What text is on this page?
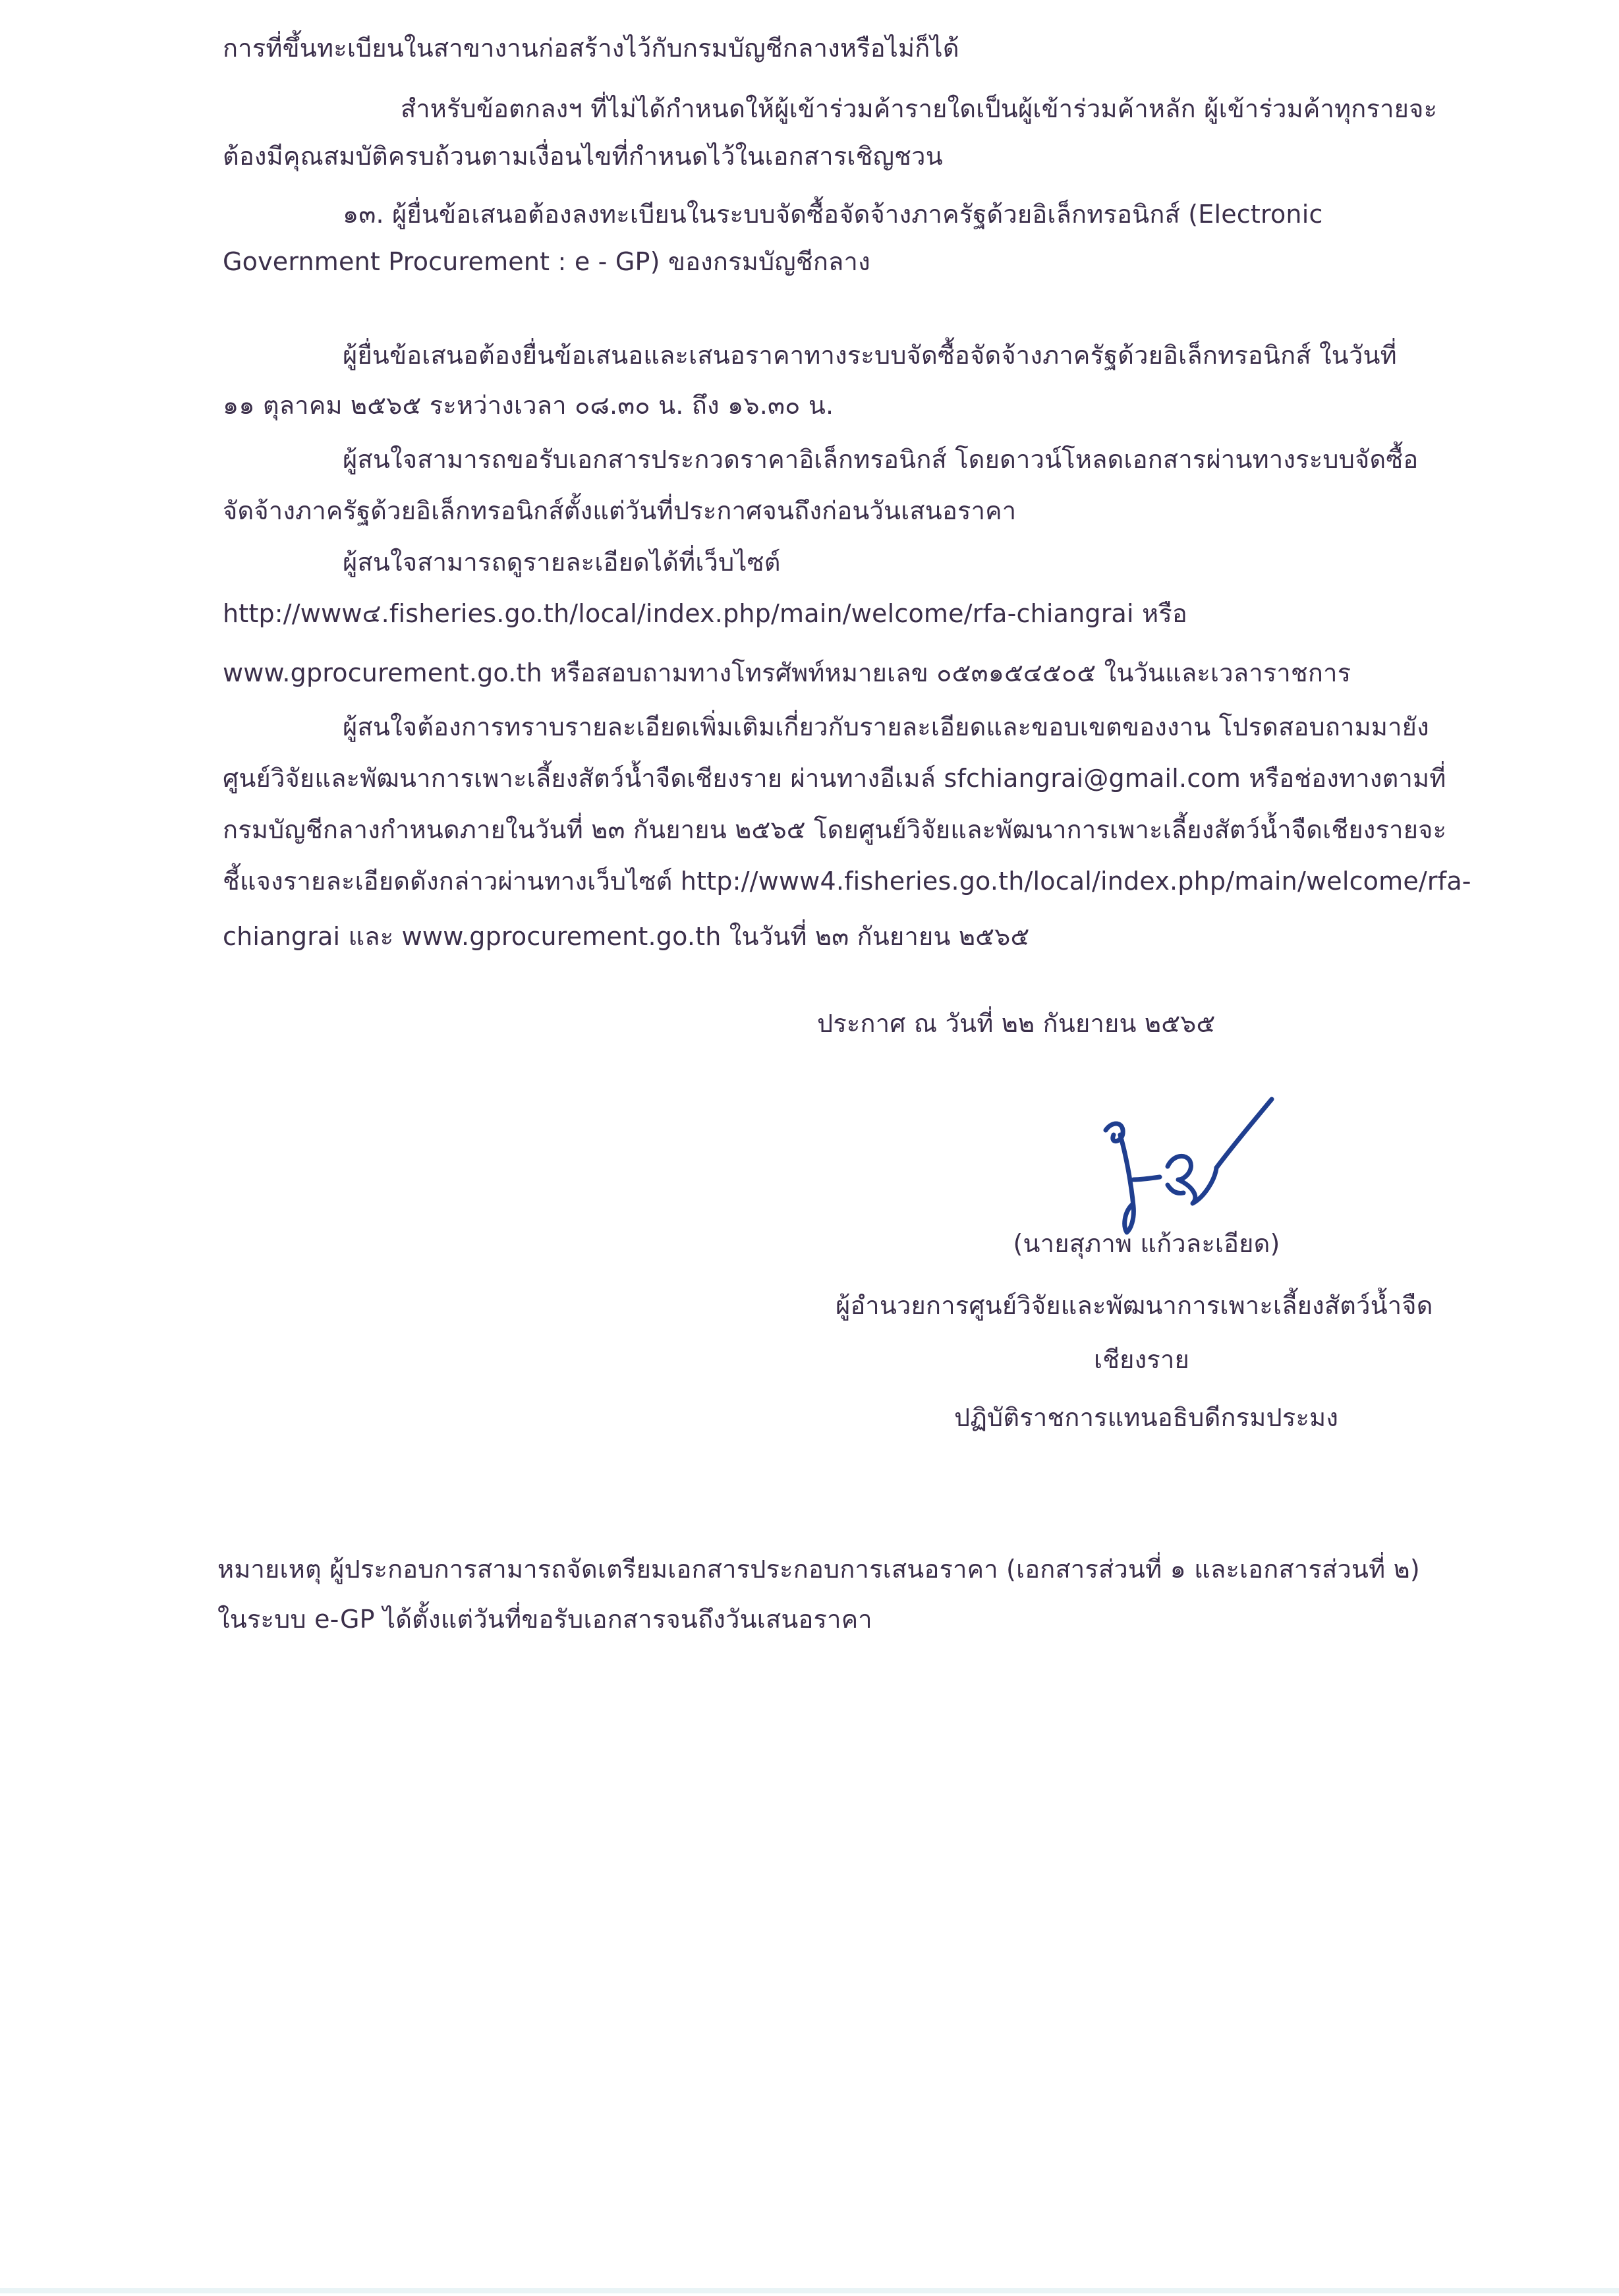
การที่ขึ้นทะเบียนในสาขางานก่อสร้างไว้กับกรมบัญชีกลางหรือไม่ก็ได้
สำหรับข้อตกลงฯ ที่ไม่ได้กำหนดให้ผู้เข้าร่วมค้ารายใดเป็นผู้เข้าร่วมค้าหลัก ผู้เข้าร่วมค้าทุกรายจะ
ต้องมีคุณสมบัติครบถ้วนตามเงื่อนไขที่กำหนดไว้ในเอกสารเชิญชวน
๑๓. ผู้ยื่นข้อเสนอต้องลงทะเบียนในระบบจัดซื้อจัดจ้างภาครัฐด้วยอิเล็กทรอนิกส์ (Electronic
Government Procurement : e - GP) ของกรมบัญชีกลาง
ผู้ยื่นข้อเสนอต้องยื่นข้อเสนอและเสนอราคาทางระบบจัดซื้อจัดจ้างภาครัฐด้วยอิเล็กทรอนิกส์ ในวันที่
๑๑ ตุลาคม ๒๕๖๕ ระหว่างเวลา ๐๘.๓๐ น. ถึง ๑๖.๓๐ น.
ผู้สนใจสามารถขอรับเอกสารประกวดราคาอิเล็กทรอนิกส์ โดยดาวน์โหลดเอกสารผ่านทางระบบจัดซื้อ
จัดจ้างภาครัฐด้วยอิเล็กทรอนิกส์ตั้งแต่วันที่ประกาศจนถึงก่อนวันเสนอราคา
ผู้สนใจสามารถดูรายละเอียดได้ที่เว็บไซต์
http://www๔.fisheries.go.th/local/index.php/main/welcome/rfa-chiangrai หรือ
www.gprocurement.go.th หรือสอบถามทางโทรศัพท์หมายเลข ๐๕๓๑๕๔๕๐๕ ในวันและเวลาราชการ
ผู้สนใจต้องการทราบรายละเอียดเพิ่มเติมเกี่ยวกับรายละเอียดและขอบเขตของงาน โปรดสอบถามมายัง
ศูนย์วิจัยและพัฒนาการเพาะเลี้ยงสัตว์น้ำจืดเชียงราย ผ่านทางอีเมล์ sfchiangrai@gmail.com หรือช่องทางตามที่
กรมบัญชีกลางกำหนดภายในวันที่ ๒๓ กันยายน ๒๕๖๕ โดยศูนย์วิจัยและพัฒนาการเพาะเลี้ยงสัตว์น้ำจืดเชียงรายจะ
ชี้แจงรายละเอียดดังกล่าวผ่านทางเว็บไซต์ http://www4.fisheries.go.th/local/index.php/main/welcome/rfa-
chiangrai และ www.gprocurement.go.th ในวันที่ ๒๓ กันยายน ๒๕๖๕
ประกาศ ณ วันที่ ๒๒ กันยายน ๒๕๖๕
(นายสุภาพ แก้วละเอียด)
ผู้อำนวยการศูนย์วิจัยและพัฒนาการเพาะเลี้ยงสัตว์น้ำจืด
เชียงราย
ปฏิบัติราชการแทนอธิบดีกรมประมง
หมายเหตุ ผู้ประกอบการสามารถจัดเตรียมเอกสารประกอบการเสนอราคา (เอกสารส่วนที่ ๑ และเอกสารส่วนที่ ๒)
ในระบบ e-GP ได้ตั้งแต่วันที่ขอรับเอกสารจนถึงวันเสนอราคา
